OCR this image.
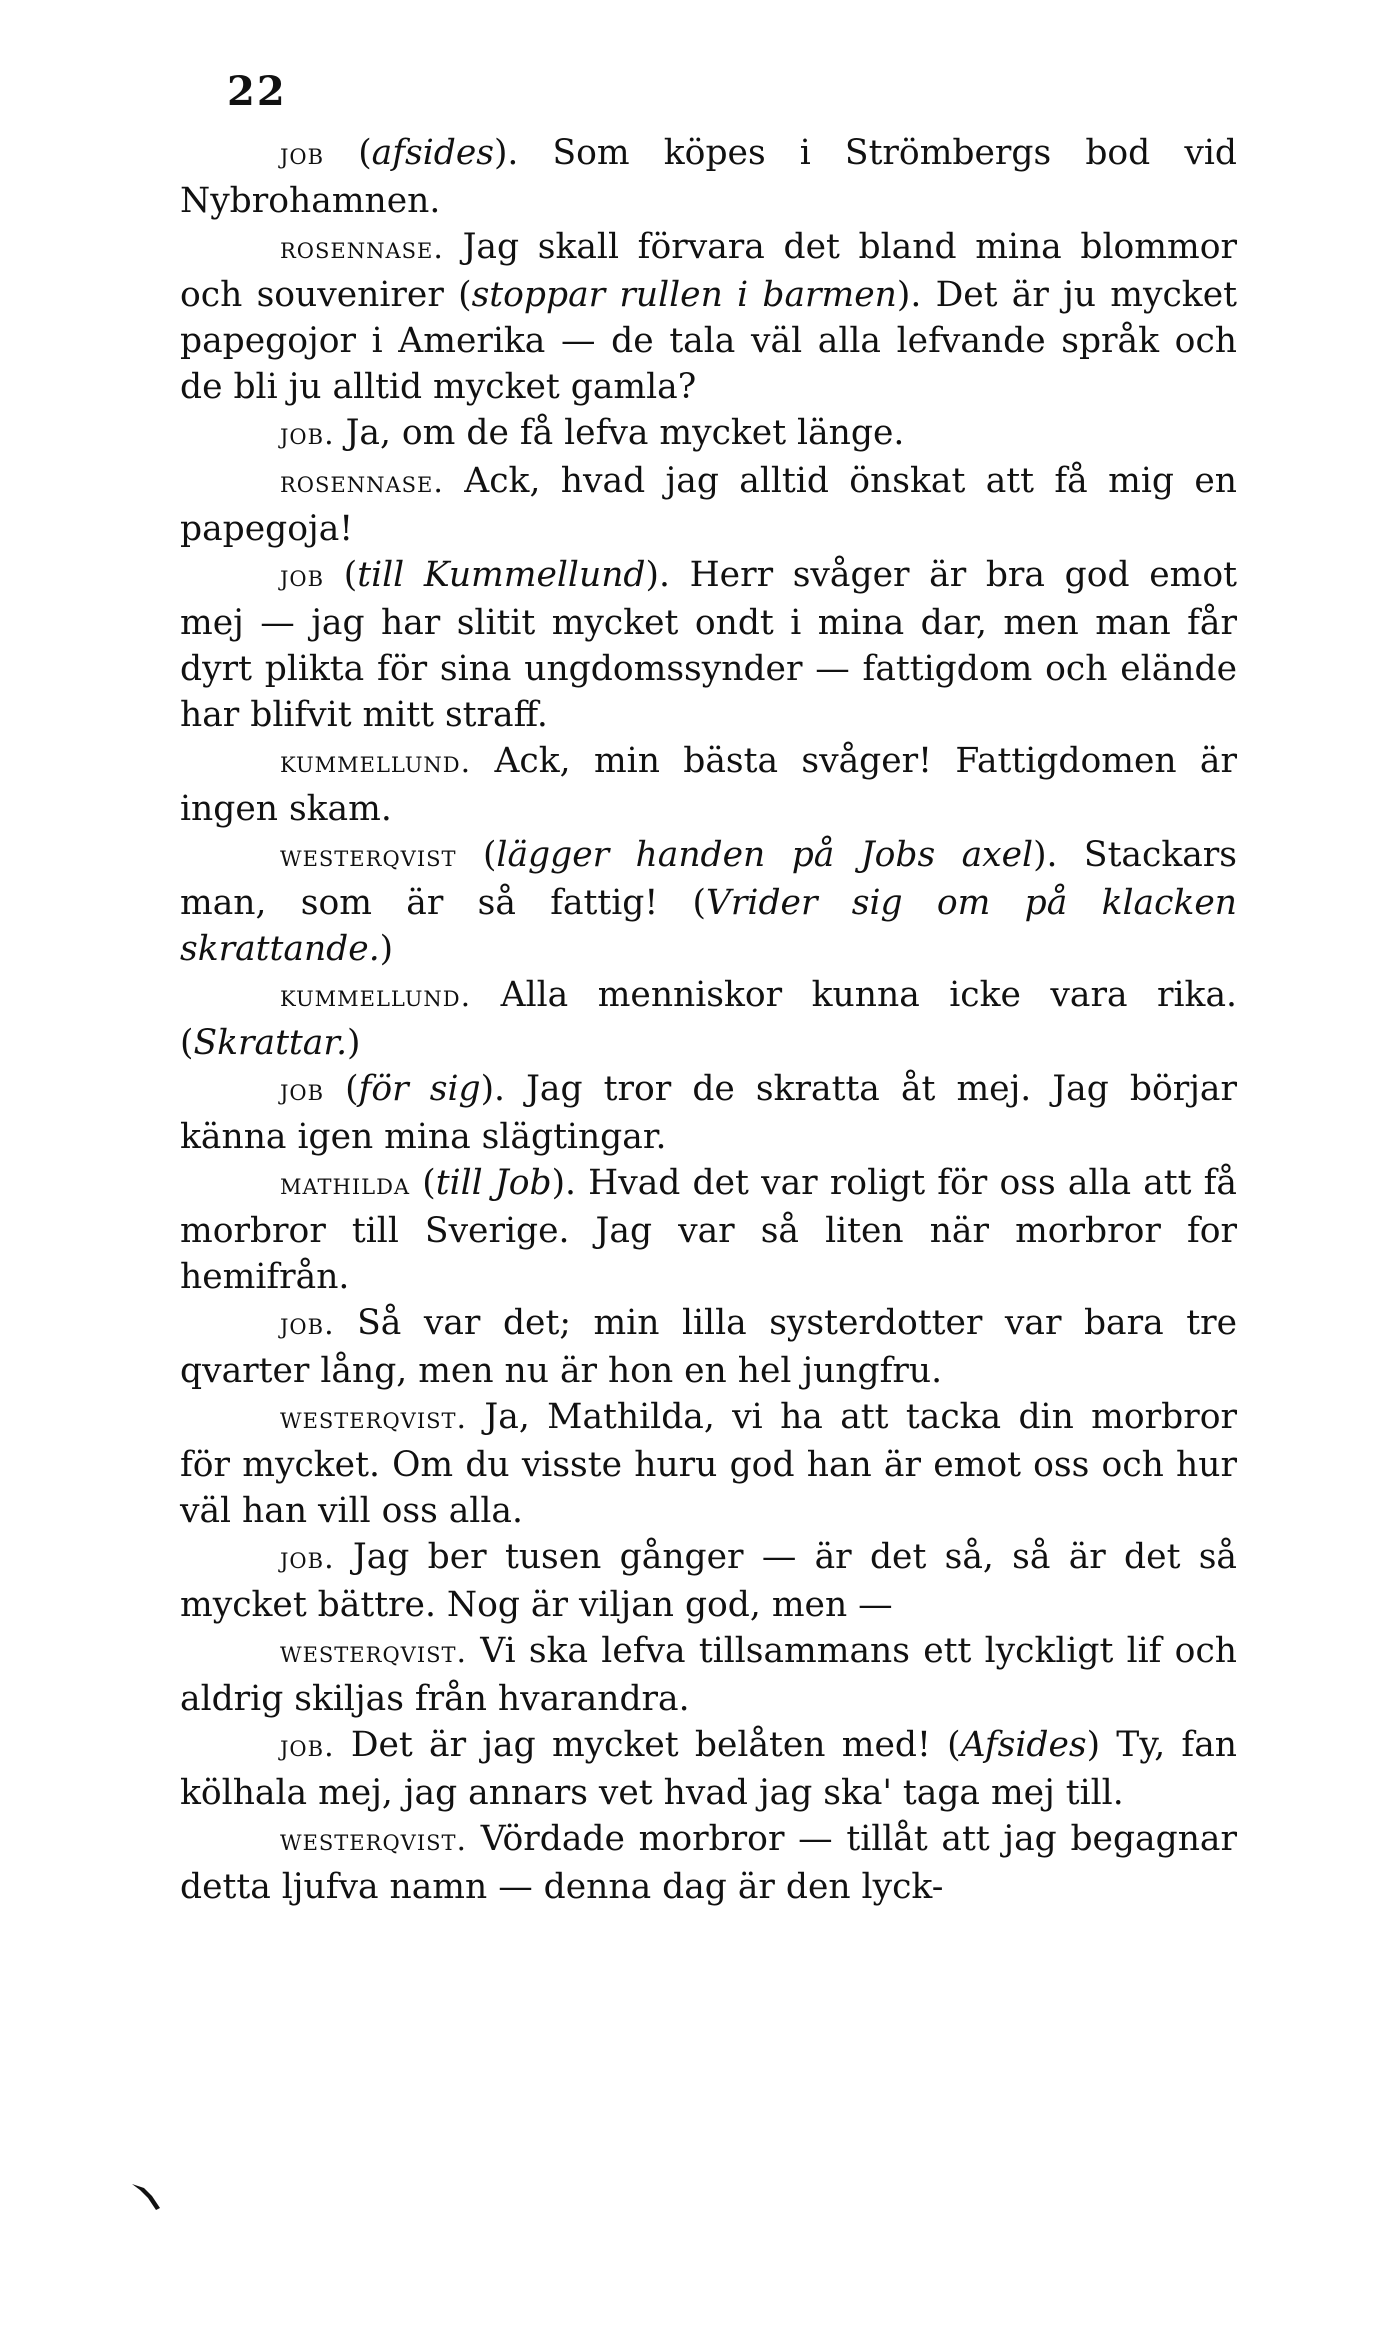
22

job (afsides). Som köpes i Strömbergs bod vid Nybrohamnen.

rosennase. Jag skall förvara det bland mina blommor och souvenirer (stoppar rullen i barmen). Det är ju mycket papegojor i Amerika — de tala väl alla lefvande språk och de bli ju alltid mycket gamla?

job. Ja, om de få lefva mycket länge.

rosennase. Ack, hvad jag alltid önskat att få mig en papegoja!

job (till Kummellund). Herr svåger är bra god emot mej — jag har slitit mycket ondt i mina dar, men man får dyrt plikta för sina ungdomssynder — fattigdom och elände har blifvit mitt straff.

kummellund. Ack, min bästa svåger! Fattigdomen är ingen skam.

westerqvist (lägger handen på Jobs axel). Stackars man, som är så fattig! (Vrider sig om på klacken skrattande.)

kummellund. Alla menniskor kunna icke vara rika. (Skrattar.)

job (för sig). Jag tror de skratta åt mej. Jag börjar känna igen mina slägtingar.

mathilda (till Job). Hvad det var roligt för oss alla att få morbror till Sverige. Jag var så liten när morbror for hemifrån.

job. Så var det; min lilla systerdotter var bara tre qvarter lång, men nu är hon en hel jungfru.

westerqvist. Ja, Mathilda, vi ha att tacka din morbror för mycket. Om du visste huru god han är emot oss och hur väl han vill oss alla.

job. Jag ber tusen gånger — är det så, så är det så mycket bättre. Nog är viljan god, men —

westerqvist. Vi ska lefva tillsammans ett lyckligt lif och aldrig skiljas från hvarandra.

job. Det är jag mycket belåten med! (Afsides) Ty, fan kölhala mej, jag annars vet hvad jag ska' taga mej till.

westerqvist. Vördade morbror — tillåt att jag begagnar detta ljufva namn — denna dag är den lyck-
